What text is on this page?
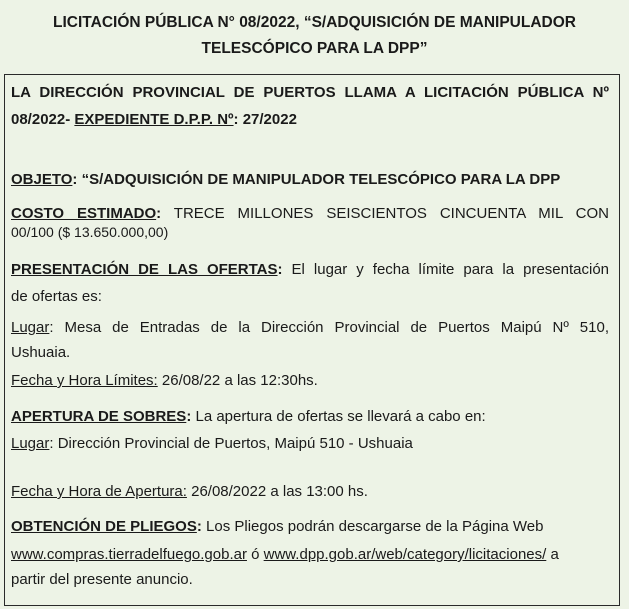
LICITACIÓN PÚBLICA N° 08/2022, “S/ADQUISICIÓN DE MANIPULADOR
TELESCÓPICO PARA LA DPP”
LA DIRECCIÓN PROVINCIAL DE PUERTOS LLAMA A LICITACIÓN PÚBLICA Nº
08/2022- EXPEDIENTE D.P.P. Nº: 27/2022
OBJETO: “S/ADQUISICIÓN DE MANIPULADOR TELESCÓPICO PARA LA DPP
COSTO ESTIMADO: TRECE MILLONES SEISCIENTOS CINCUENTA MIL CON
00/100 ($ 13.650.000,00)
PRESENTACIÓN DE LAS OFERTAS: El lugar y fecha límite para la presentación
de ofertas es:
Lugar: Mesa de Entradas de la Dirección Provincial de Puertos Maipú Nº 510,
Ushuaia.
Fecha y Hora Límites: 26/08/22 a las 12:30hs.
APERTURA DE SOBRES: La apertura de ofertas se llevará a cabo en:
Lugar: Dirección Provincial de Puertos, Maipú 510 - Ushuaia
Fecha y Hora de Apertura: 26/08/2022 a las 13:00 hs.
OBTENCIÓN DE PLIEGOS: Los Pliegos podrán descargarse de la Página Web
www.compras.tierradelfuego.gob.ar ó www.dpp.gob.ar/web/category/licitaciones/ a
partir del presente anuncio.
